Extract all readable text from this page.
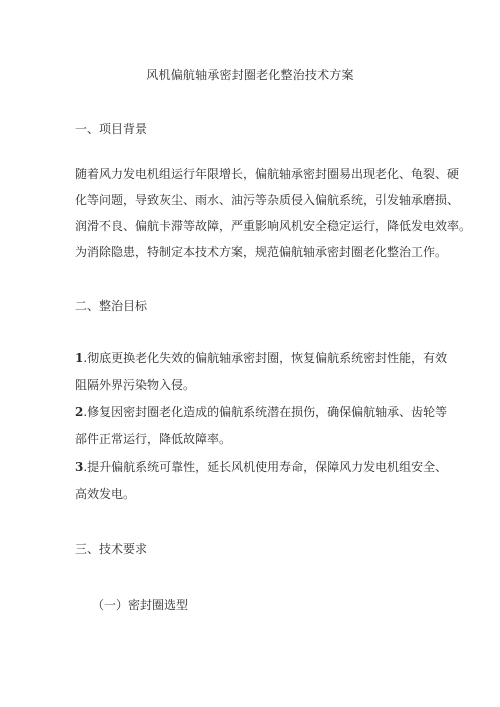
风机偏航轴承密封圈老化整治技术方案
一、项目背景
随着风力发电机组运行年限增长，偏航轴承密封圈易出现老化、龟裂、硬
化等问题，导致灰尘、雨水、油污等杂质侵入偏航系统，引发轴承磨损、
润滑不良、偏航卡滞等故障，严重影响风机安全稳定运行，降低发电效率。
为消除隐患，特制定本技术方案，规范偏航轴承密封圈老化整治工作。
二、整治目标
1.彻底更换老化失效的偏航轴承密封圈，恢复偏航系统密封性能，有效
阻隔外界污染物入侵。
2.修复因密封圈老化造成的偏航系统潜在损伤，确保偏航轴承、齿轮等
部件正常运行，降低故障率。
3.提升偏航系统可靠性，延长风机使用寿命，保障风力发电机组安全、
高效发电。
三、技术要求
（一）密封圈选型
